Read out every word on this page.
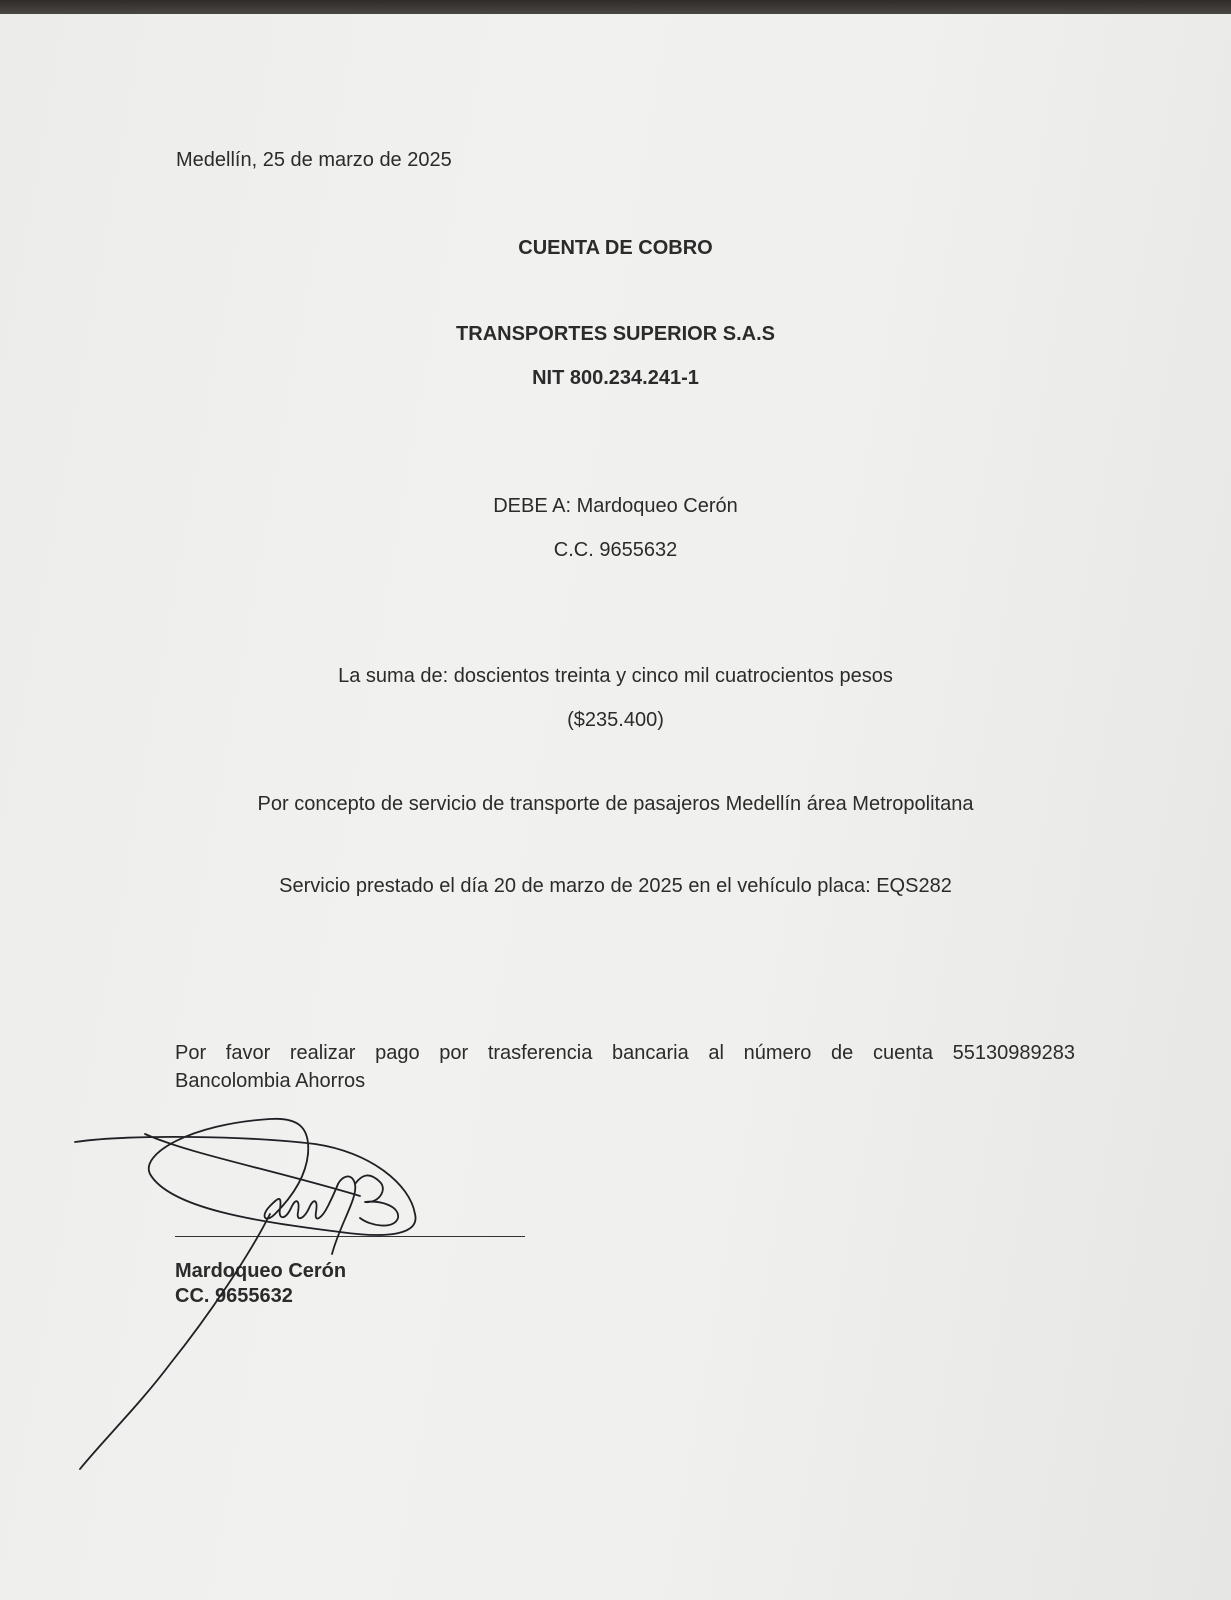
Medellín, 25 de marzo de 2025
CUENTA DE COBRO
TRANSPORTES SUPERIOR S.A.S
NIT 800.234.241-1
DEBE A: Mardoqueo Cerón
C.C. 9655632
La suma de: doscientos treinta y cinco mil cuatrocientos pesos
($235.400)
Por concepto de servicio de transporte de pasajeros Medellín área Metropolitana
Servicio prestado el día 20 de marzo de 2025 en el vehículo placa: EQS282
Por favor realizar pago por trasferencia bancaria al número de cuenta 55130989283
Bancolombia Ahorros
Mardoqueo Cerón
CC. 9655632
